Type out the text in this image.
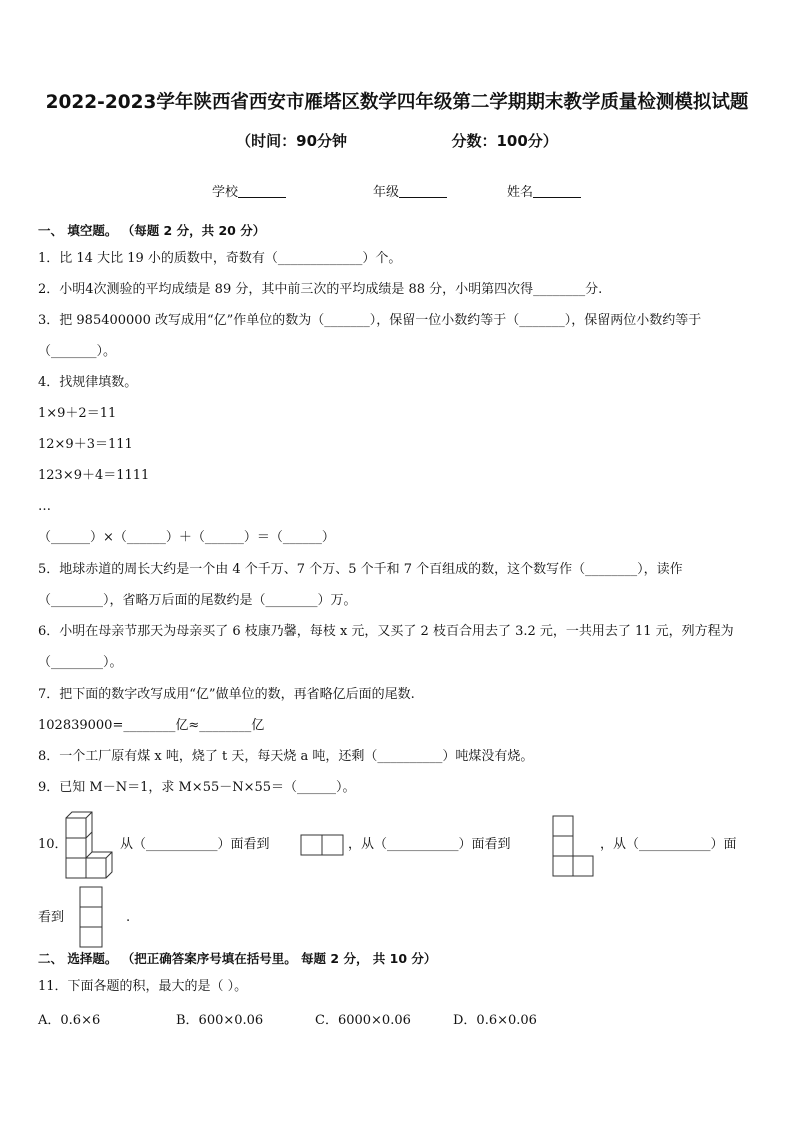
2022-2023学年陕西省西安市雁塔区数学四年级第二学期期末教学质量检测模拟试题
（时间：90分钟                    分数：100分）
学校	年级	姓名
一、 填空题。 （每题 2 分，共 20 分）
1．比 14 大比 19 小的质数中，奇数有（_____________）个。
2．小明4次测验的平均成绩是 89 分，其中前三次的平均成绩是 88 分，小明第四次得________分.
3．把 985400000 改写成用“亿”作单位的数为（_______），保留一位小数约等于（_______），保留两位小数约等于
（_______）。
4．找规律填数。
1×9＋2＝11
12×9＋3＝111
123×9＋4＝1111
…
（______）×（______）＋（______）＝（______）
5．地球赤道的周长大约是一个由 4 个千万、7 个万、5 个千和 7 个百组成的数，这个数写作（________），读作
（________），省略万后面的尾数约是（________）万。
6．小明在母亲节那天为母亲买了 6 枝康乃馨，每枝 x 元，又买了 2 枝百合用去了 3.2 元，一共用去了 11 元，列方程为
（________）。
7．把下面的数字改写成用“亿”做单位的数，再省略亿后面的尾数.
102839000=________亿≈________亿
8．一个工厂原有煤 x 吨，烧了 t 天，每天烧 a 吨，还剩（__________）吨煤没有烧。
9．已知 M－N＝1，求 M×55－N×55＝（______）。
10．	从（___________）面看到	，从（___________）面看到	，从（___________）面
看到	.
二、 选择题。 （把正确答案序号填在括号里。 每题 2 分， 共 10 分）
11．下面各题的积，最大的是（ ）。
A．0.6×6	B．600×0.06	C．6000×0.06	D．0.6×0.06
